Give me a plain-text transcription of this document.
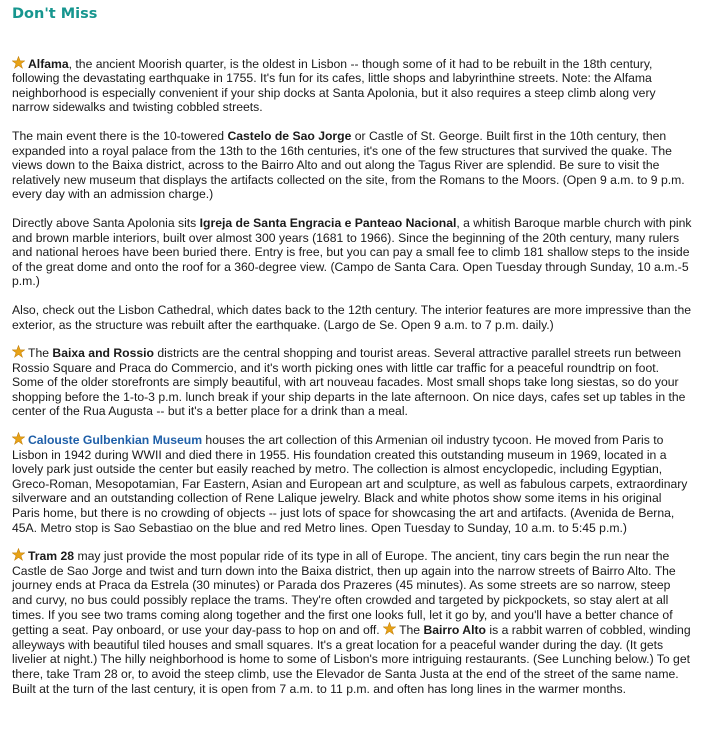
Don't Miss

Alfama, the ancient Moorish quarter, is the oldest in Lisbon -- though some of it had to be rebuilt in the 18th century, following the devastating earthquake in 1755. It's fun for its cafes, little shops and labyrinthine streets. Note: the Alfama neighborhood is especially convenient if your ship docks at Santa Apolonia, but it also requires a steep climb along very narrow sidewalks and twisting cobbled streets.

The main event there is the 10-towered Castelo de Sao Jorge or Castle of St. George. Built first in the 10th century, then expanded into a royal palace from the 13th to the 16th centuries, it's one of the few structures that survived the quake. The views down to the Baixa district, across to the Bairro Alto and out along the Tagus River are splendid. Be sure to visit the relatively new museum that displays the artifacts collected on the site, from the Romans to the Moors. (Open 9 a.m. to 9 p.m. every day with an admission charge.)

Directly above Santa Apolonia sits Igreja de Santa Engracia e Panteao Nacional, a whitish Baroque marble church with pink and brown marble interiors, built over almost 300 years (1681 to 1966). Since the beginning of the 20th century, many rulers and national heroes have been buried there. Entry is free, but you can pay a small fee to climb 181 shallow steps to the inside of the great dome and onto the roof for a 360-degree view. (Campo de Santa Cara. Open Tuesday through Sunday, 10 a.m.-5 p.m.)

Also, check out the Lisbon Cathedral, which dates back to the 12th century. The interior features are more impressive than the exterior, as the structure was rebuilt after the earthquake. (Largo de Se. Open 9 a.m. to 7 p.m. daily.)

The Baixa and Rossio districts are the central shopping and tourist areas. Several attractive parallel streets run between Rossio Square and Praca do Commercio, and it's worth picking ones with little car traffic for a peaceful roundtrip on foot. Some of the older storefronts are simply beautiful, with art nouveau facades. Most small shops take long siestas, so do your shopping before the 1-to-3 p.m. lunch break if your ship departs in the late afternoon. On nice days, cafes set up tables in the center of the Rua Augusta -- but it's a better place for a drink than a meal.

Calouste Gulbenkian Museum houses the art collection of this Armenian oil industry tycoon. He moved from Paris to Lisbon in 1942 during WWII and died there in 1955. His foundation created this outstanding museum in 1969, located in a lovely park just outside the center but easily reached by metro. The collection is almost encyclopedic, including Egyptian, Greco-Roman, Mesopotamian, Far Eastern, Asian and European art and sculpture, as well as fabulous carpets, extraordinary silverware and an outstanding collection of Rene Lalique jewelry. Black and white photos show some items in his original Paris home, but there is no crowding of objects -- just lots of space for showcasing the art and artifacts. (Avenida de Berna, 45A. Metro stop is Sao Sebastiao on the blue and red Metro lines. Open Tuesday to Sunday, 10 a.m. to 5:45 p.m.)

Tram 28 may just provide the most popular ride of its type in all of Europe. The ancient, tiny cars begin the run near the Castle de Sao Jorge and twist and turn down into the Baixa district, then up again into the narrow streets of Bairro Alto. The journey ends at Praca da Estrela (30 minutes) or Parada dos Prazeres (45 minutes). As some streets are so narrow, steep and curvy, no bus could possibly replace the trams. They're often crowded and targeted by pickpockets, so stay alert at all times. If you see two trams coming along together and the first one looks full, let it go by, and you'll have a better chance of getting a seat. Pay onboard, or use your day-pass to hop on and off.
The Bairro Alto is a rabbit warren of cobbled, winding alleyways with beautiful tiled houses and small squares. It's a great location for a peaceful wander during the day. (It gets livelier at night.) The hilly neighborhood is home to some of Lisbon's more intriguing restaurants. (See Lunching below.) To get there, take Tram 28 or, to avoid the steep climb, use the Elevador de Santa Justa at the end of the street of the same name. Built at the turn of the last century, it is open from 7 a.m. to 11 p.m. and often has long lines in the warmer months.
